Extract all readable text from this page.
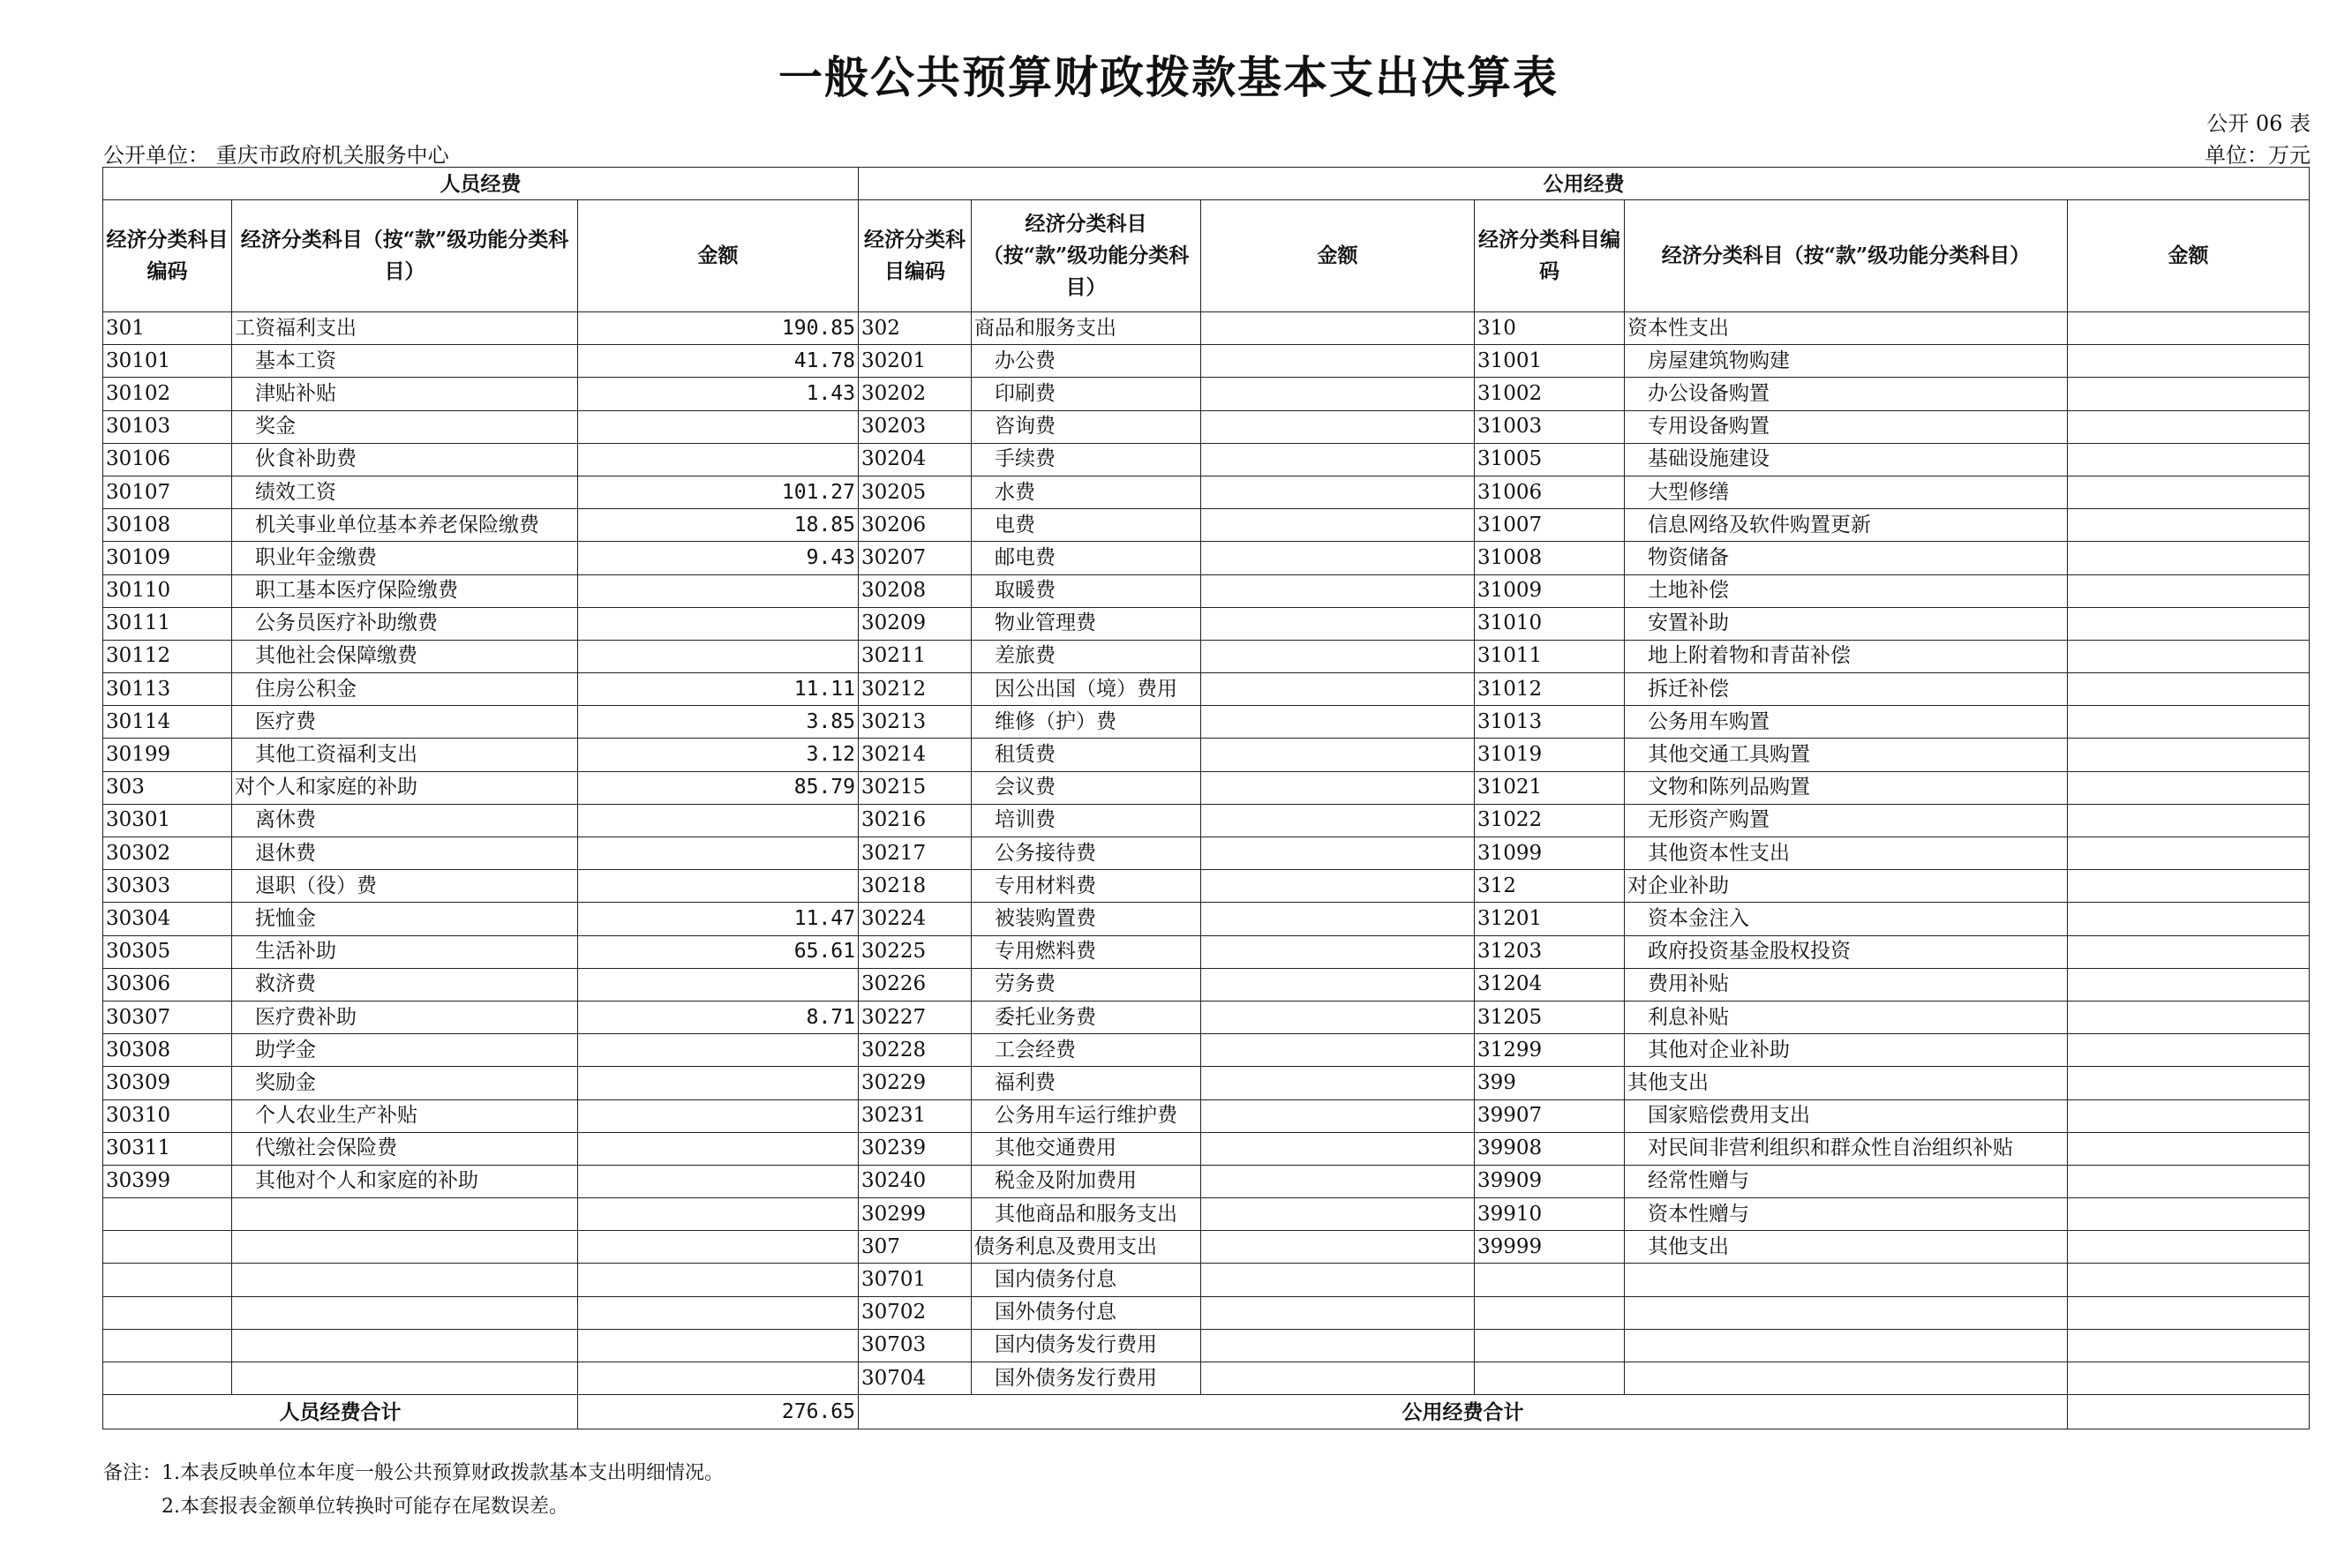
一般公共预算财政拨款基本支出决算表
公开 06 表
公开单位： 重庆市政府机关服务中心	单位：万元
人员经费			公用经费					
经济分类科目编码	经济分类科目（按“款”级功能分类科目）	金额	经济分类科目编码	经济分类科目（按“款”级功能分类科目）	金额	经济分类科目编码	经济分类科目（按“款”级功能分类科目）	金额
301	工资福利支出	190.85	302	商品和服务支出		310	资本性支出	
30101	基本工资	41.78	30201	办公费		31001	房屋建筑物购建	
30102	津贴补贴	1.43	30202	印刷费		31002	办公设备购置	
30103	奖金		30203	咨询费		31003	专用设备购置	
30106	伙食补助费		30204	手续费		31005	基础设施建设	
30107	绩效工资	101.27	30205	水费		31006	大型修缮	
30108	机关事业单位基本养老保险缴费	18.85	30206	电费		31007	信息网络及软件购置更新	
30109	职业年金缴费	9.43	30207	邮电费		31008	物资储备	
30110	职工基本医疗保险缴费		30208	取暖费		31009	土地补偿	
30111	公务员医疗补助缴费		30209	物业管理费		31010	安置补助	
30112	其他社会保障缴费		30211	差旅费		31011	地上附着物和青苗补偿	
30113	住房公积金	11.11	30212	因公出国（境）费用		31012	拆迁补偿	
30114	医疗费	3.85	30213	维修（护）费		31013	公务用车购置	
30199	其他工资福利支出	3.12	30214	租赁费		31019	其他交通工具购置	
303	对个人和家庭的补助	85.79	30215	会议费		31021	文物和陈列品购置	
30301	离休费		30216	培训费		31022	无形资产购置	
30302	退休费		30217	公务接待费		31099	其他资本性支出	
30303	退职（役）费		30218	专用材料费		312	对企业补助	
30304	抚恤金	11.47	30224	被装购置费		31201	资本金注入	
30305	生活补助	65.61	30225	专用燃料费		31203	政府投资基金股权投资	
30306	救济费		30226	劳务费		31204	费用补贴	
30307	医疗费补助	8.71	30227	委托业务费		31205	利息补贴	
30308	助学金		30228	工会经费		31299	其他对企业补助	
30309	奖励金		30229	福利费		399	其他支出	
30310	个人农业生产补贴		30231	公务用车运行维护费		39907	国家赔偿费用支出	
30311	代缴社会保险费		30239	其他交通费用		39908	对民间非营利组织和群众性自治组织补贴	
30399	其他对个人和家庭的补助		30240	税金及附加费用		39909	经常性赠与	
			30299	其他商品和服务支出		39910	资本性赠与	
			307	债务利息及费用支出		39999	其他支出	
			30701	国内债务付息				
			30702	国外债务付息				
			30703	国内债务发行费用				
			30704	国外债务发行费用				
人员经费合计		276.65	公用经费合计					
备注：1.本表反映单位本年度一般公共预算财政拨款基本支出明细情况。
2.本套报表金额单位转换时可能存在尾数误差。
